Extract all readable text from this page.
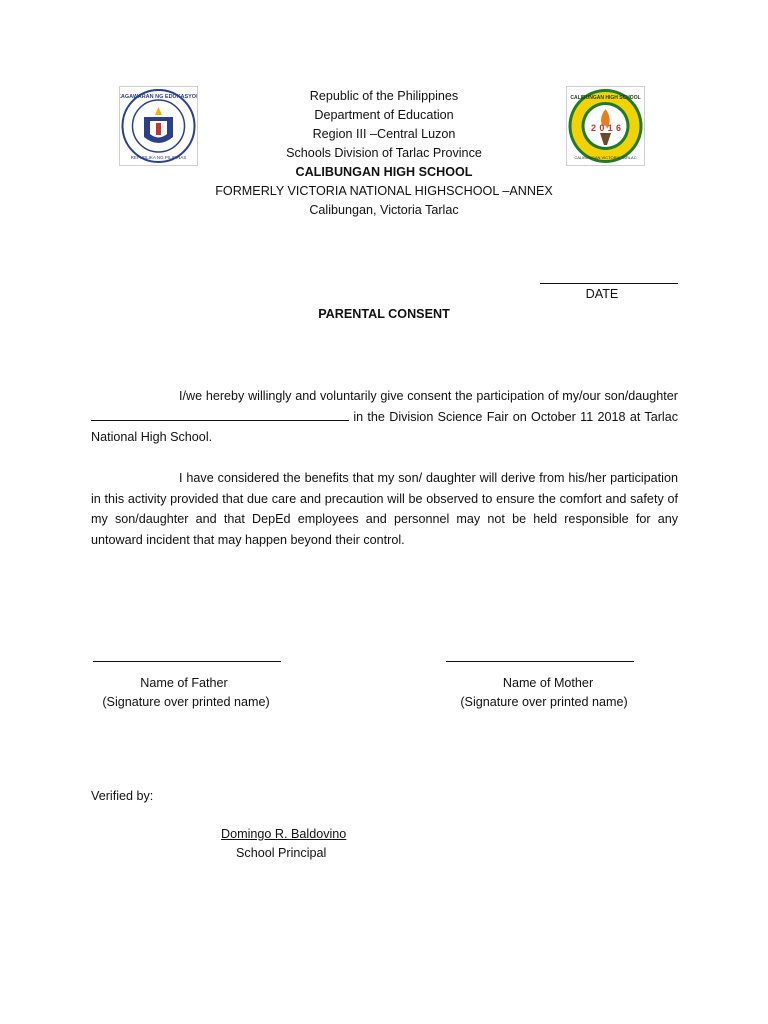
KAGAWARAN NG EDUKASYON
REPUBLIKA NG PILIPINAS
2016
CALIBUNGAN HIGH SCHOOL
CALIBUNGAN VICTORIA TARLAC
Republic of the Philippines
Department of Education
Region III –Central Luzon
Schools Division of Tarlac Province
CALIBUNGAN HIGH SCHOOL
FORMERLY VICTORIA NATIONAL HIGHSCHOOL –ANNEX
Calibungan, Victoria Tarlac
DATE
PARENTAL CONSENT
I/we hereby willingly and voluntarily give consent the participation of my/our son/daughter  in the Division Science Fair on October 11 2018 at Tarlac National High School.
I have considered the benefits that my son/ daughter will derive from his/her participation in this activity provided that due care and precaution will be observed to ensure the comfort and safety of my son/daughter and that DepEd employees and personnel may not be held responsible for any untoward incident that may happen beyond their control.
Name of Father
(Signature over printed name)
Name of Mother
(Signature over printed name)
Verified by:
Domingo R. Baldovino
School Principal
